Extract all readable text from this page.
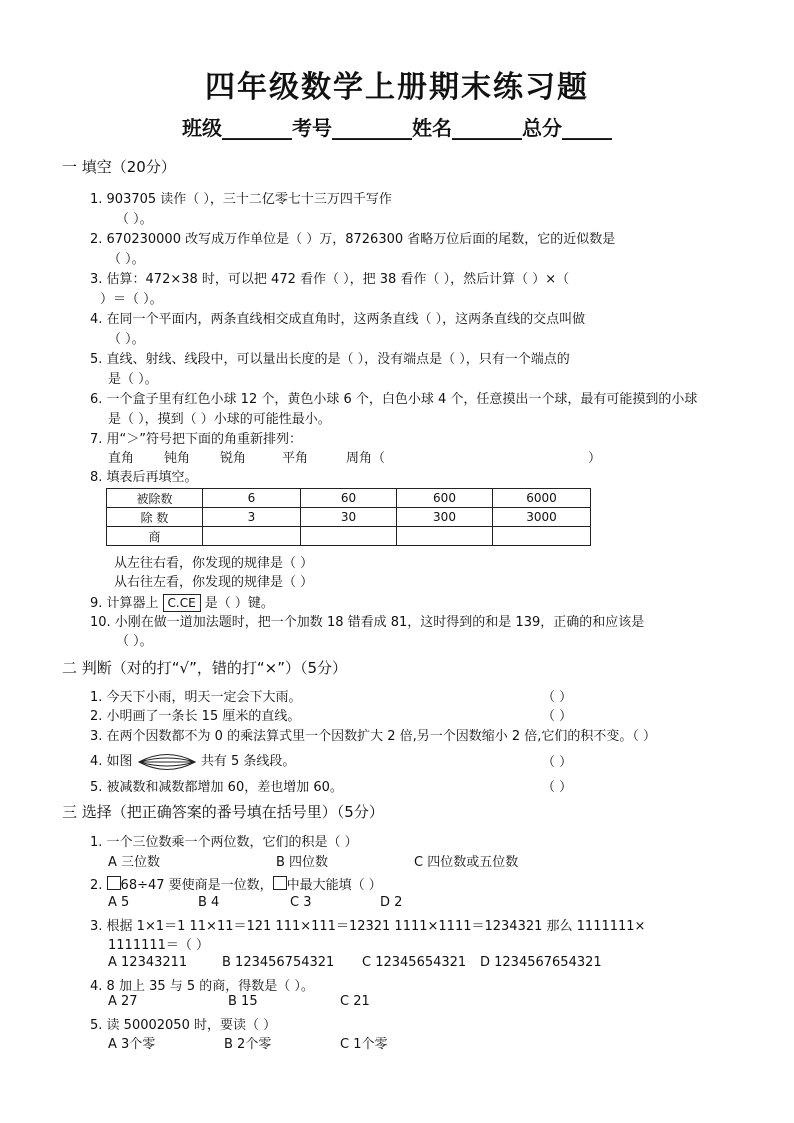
四年级数学上册期末练习题
班级_______考号________姓名_______总分_____
一 填空（20分）
1. 903705 读作（ ），三十二亿零七十三万四千写作
（ ）。
2. 670230000 改写成万作单位是（ ）万，8726300 省略万位后面的尾数，它的近似数是
（ ）。
3. 估算：472×38 时，可以把 472 看作（ ），把 38 看作（ ），然后计算（ ）×（
）＝（ ）。
4. 在同一个平面内，两条直线相交成直角时，这两条直线（ ），这两条直线的交点叫做
（ ）。
5. 直线、射线、线段中，可以量出长度的是（ ），没有端点是（ ），只有一个端点的
是（ ）。
6. 一个盒子里有红色小球 12 个，黄色小球 6 个，白色小球 4 个，任意摸出一个球，最有可能摸到的小球
是（ ），摸到（ ）小球的可能性最小。
7. 用“＞”符号把下面的角重新排列：
直角 钝角 锐角	平角	周角（	）
8. 填表后再填空。
被除数	6	60	600	6000
除 数	3	30	300	3000
商				
从左往右看，你发现的规律是（ ）
从右往左看，你发现的规律是（ ）
9. 计算器上 C.CE 是（ ）键。
10. 小刚在做一道加法题时，把一个加数 18 错看成 81，这时得到的和是 139，正确的和应该是
（ ）。
二 判断（对的打“√”，错的打“×”）（5分）
1. 今天下小雨，明天一定会下大雨。	（ ）
2. 小明画了一条长 15 厘米的直线。	（ ）
3. 在两个因数都不为 0 的乘法算式里一个因数扩大 2 倍,另一个因数缩小 2 倍,它们的积不变。（ ）
4. 如图	共有 5 条线段。	（ ）
5. 被减数和减数都增加 60，差也增加 60。	（ ）
三 选择（把正确答案的番号填在括号里）（5分）
1. 一个三位数乘一个两位数，它们的积是（ ）
A 三位数	B 四位数	C 四位数或五位数
2. 68÷47 要使商是一位数， 中最大能填（ ）
A 5	B 4	C 3	D 2
3. 根据 1×1＝1 11×11＝121 111×111＝12321 1111×1111＝1234321 那么 1111111×
1111111＝（ ）
A 12343211	B 123456754321 C 12345654321 D 1234567654321
4. 8 加上 35 与 5 的商，得数是（ ）。
A 27	B 15	C 21
5. 读 50002050 时，要读（ ）
A 3个零	B 2个零	C 1个零
